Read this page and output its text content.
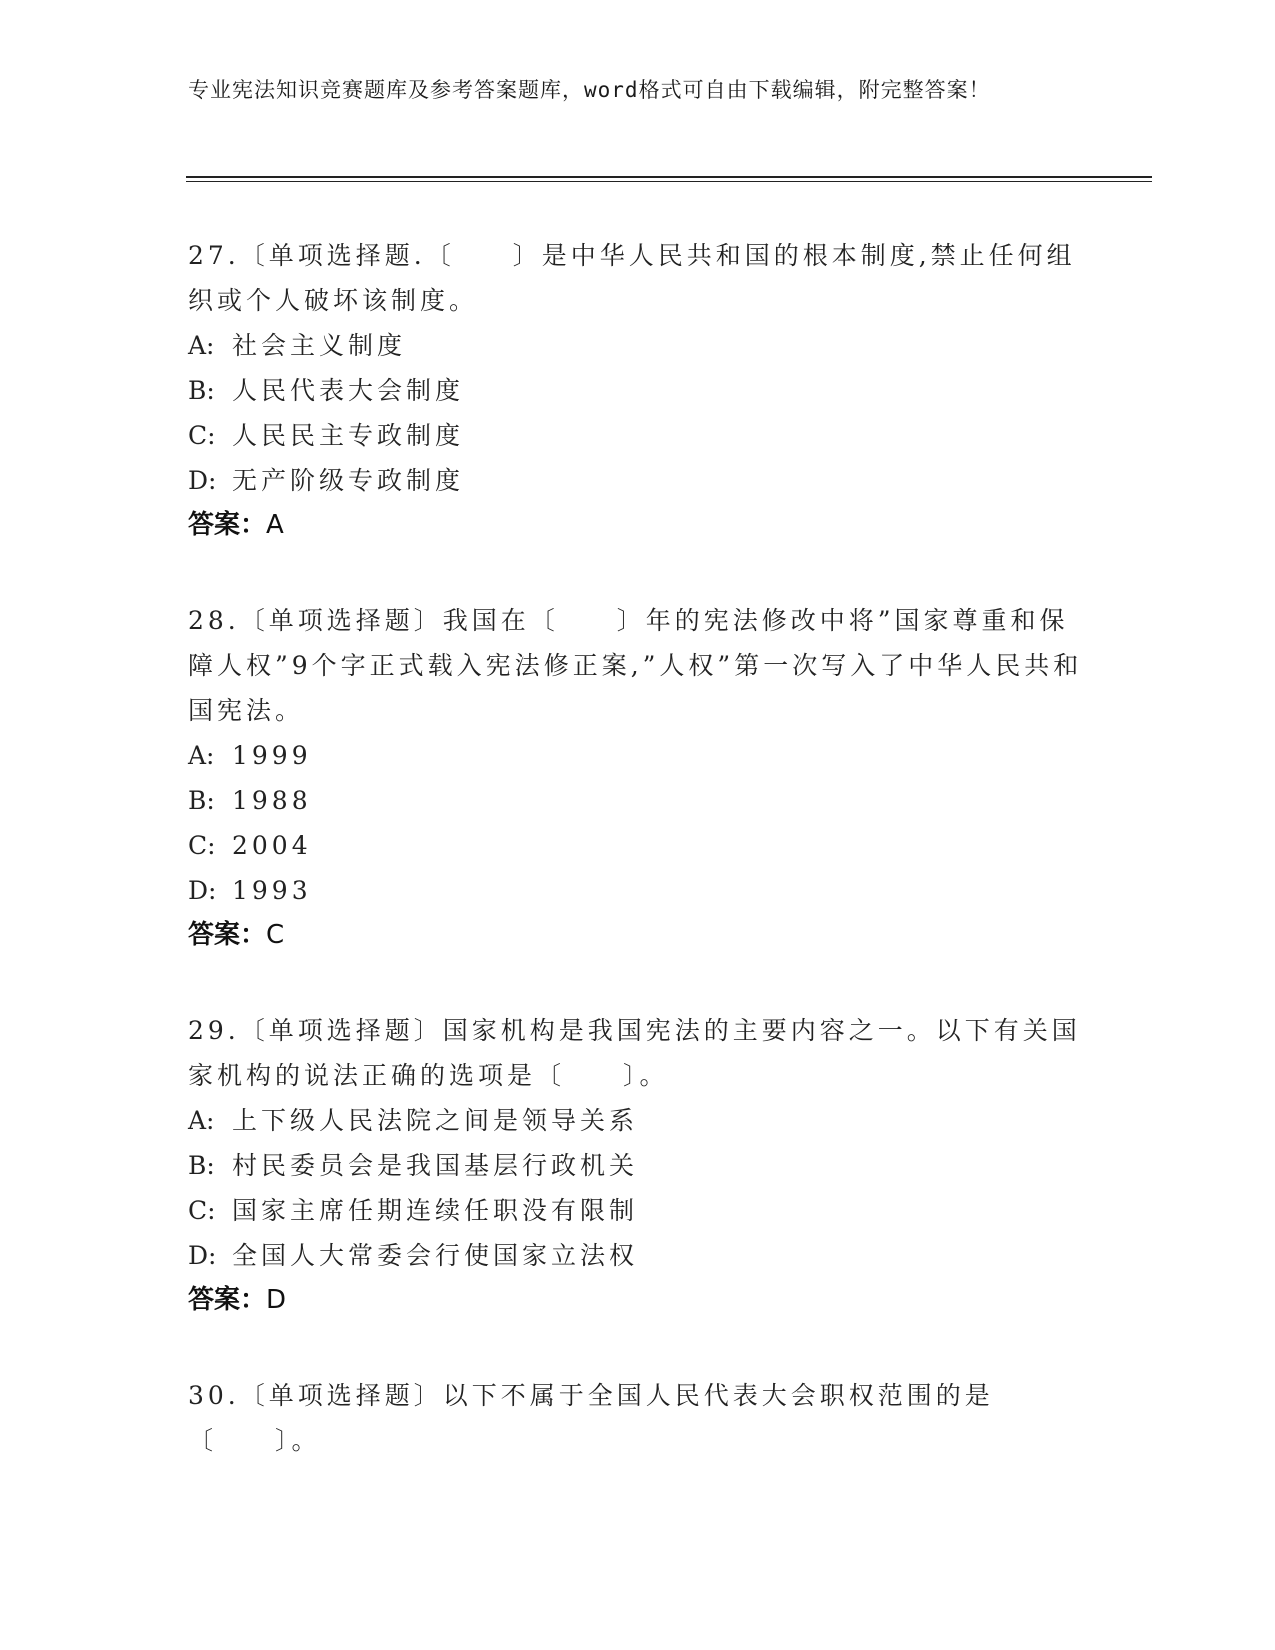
专业宪法知识竞赛题库及参考答案题库，word格式可自由下载编辑，附完整答案！

27.〔单项选择题.〔　　〕是中华人民共和国的根本制度,禁止任何组织或个人破坏该制度。

A: 社会主义制度

B: 人民代表大会制度

C: 人民民主专政制度

D: 无产阶级专政制度

答案：A

28.〔单项选择题〕我国在〔　　〕年的宪法修改中将”国家尊重和保障人权”9个字正式载入宪法修正案,”人权”第一次写入了中华人民共和国宪法。

A: 1999

B: 1988

C: 2004

D: 1993

答案：C

29.〔单项选择题〕国家机构是我国宪法的主要内容之一。以下有关国家机构的说法正确的选项是〔　　〕。

A: 上下级人民法院之间是领导关系

B: 村民委员会是我国基层行政机关

C: 国家主席任期连续任职没有限制

D: 全国人大常委会行使国家立法权

答案：D

30.〔单项选择题〕以下不属于全国人民代表大会职权范围的是〔　　〕。
